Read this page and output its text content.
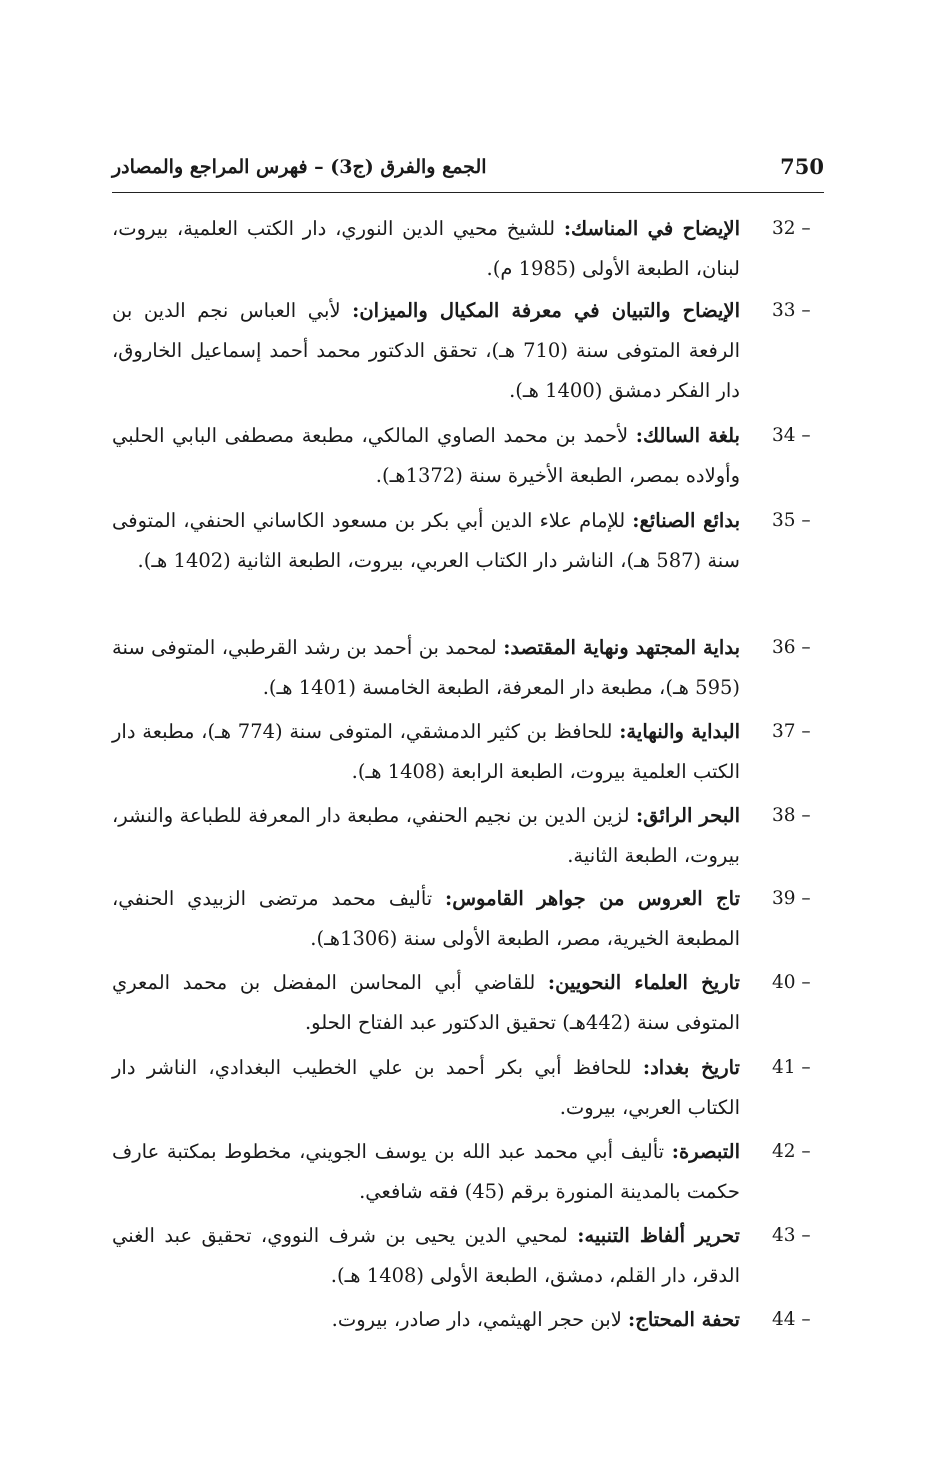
750
الجمع والفرق (ج3) – فهرس المراجع والمصادر
32 –
الإيضاح في المناسك: للشيخ محيي الدين النوري، دار الكتب العلمية، بيروت، لبنان، الطبعة الأولى (1985 م).
33 –
الإيضاح والتبيان في معرفة المكيال والميزان: لأبي العباس نجم الدين بن الرفعة المتوفى سنة (710 هـ)، تحقق الدكتور محمد أحمد إسماعيل الخاروق، دار الفكر دمشق (1400 هـ).
34 –
بلغة السالك: لأحمد بن محمد الصاوي المالكي، مطبعة مصطفى البابي الحلبي وأولاده بمصر، الطبعة الأخيرة سنة (1372هـ).
35 –
بدائع الصنائع: للإمام علاء الدين أبي بكر بن مسعود الكاساني الحنفي، المتوفى سنة (587 هـ)، الناشر دار الكتاب العربي، بيروت، الطبعة الثانية (1402 هـ).
36 –
بداية المجتهد ونهاية المقتصد: لمحمد بن أحمد بن رشد القرطبي، المتوفى سنة (595 هـ)، مطبعة دار المعرفة، الطبعة الخامسة (1401 هـ).
37 –
البداية والنهاية: للحافظ بن كثير الدمشقي، المتوفى سنة (774 هـ)، مطبعة دار الكتب العلمية بيروت، الطبعة الرابعة (1408 هـ).
38 –
البحر الرائق: لزين الدين بن نجيم الحنفي، مطبعة دار المعرفة للطباعة والنشر، بيروت، الطبعة الثانية.
39 –
تاج العروس من جواهر القاموس: تأليف محمد مرتضى الزبيدي الحنفي، المطبعة الخيرية، مصر، الطبعة الأولى سنة (1306هـ).
40 –
تاريخ العلماء النحويين: للقاضي أبي المحاسن المفضل بن محمد المعري المتوفى سنة (442هـ) تحقيق الدكتور عبد الفتاح الحلو.
41 –
تاريخ بغداد: للحافظ أبي بكر أحمد بن علي الخطيب البغدادي، الناشر دار الكتاب العربي، بيروت.
42 –
التبصرة: تأليف أبي محمد عبد الله بن يوسف الجويني، مخطوط بمكتبة عارف حكمت بالمدينة المنورة برقم (45) فقه شافعي.
43 –
تحرير ألفاظ التنبيه: لمحيي الدين يحيى بن شرف النووي، تحقيق عبد الغني الدقر، دار القلم، دمشق، الطبعة الأولى (1408 هـ).
44 –
تحفة المحتاج: لابن حجر الهيثمي، دار صادر، بيروت.
